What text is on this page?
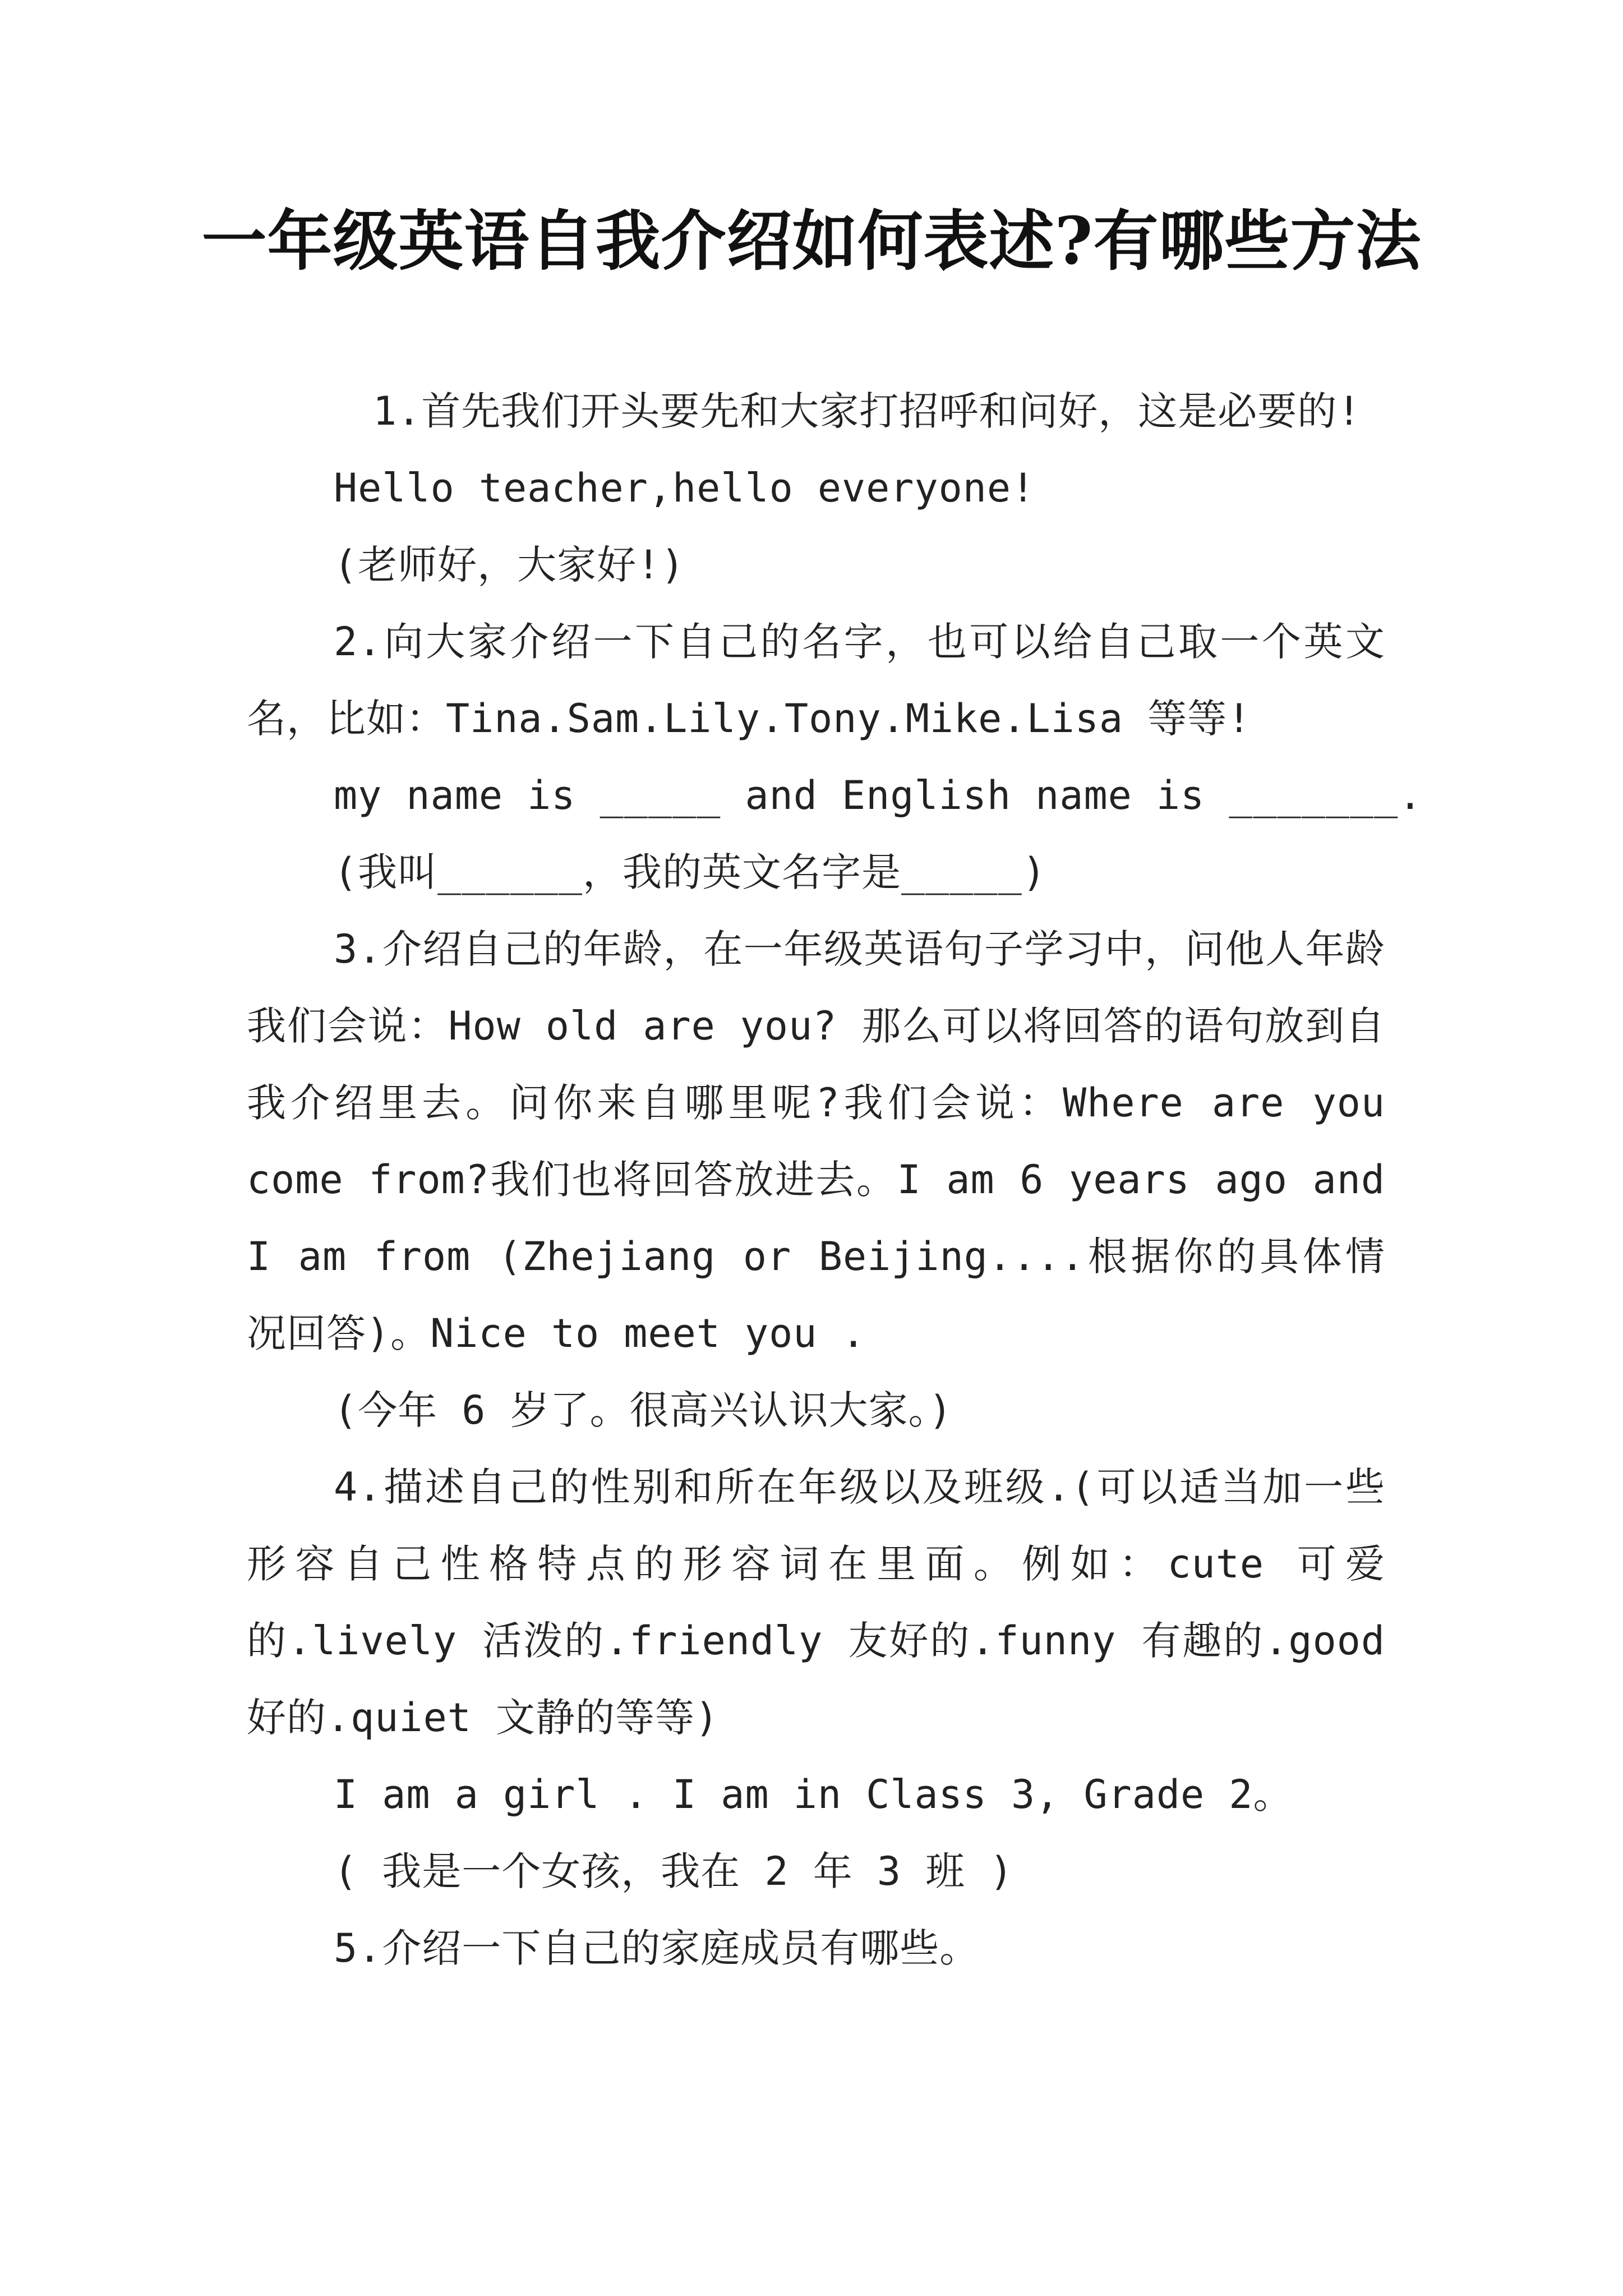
一年级英语自我介绍如何表述?有哪些方法

1.首先我们开头要先和大家打招呼和问好，这是必要的!

Hello teacher,hello everyone!

(老师好，大家好!)

2.向大家介绍一下自己的名字，也可以给自己取一个英文名，比如：Tina.Sam.Lily.Tony.Mike.Lisa 等等!

my name is _____ and English name is _______.

(我叫______，我的英文名字是_____)

3.介绍自己的年龄，在一年级英语句子学习中，问他人年龄我们会说：How old are you? 那么可以将回答的语句放到自我介绍里去。问你来自哪里呢?我们会说：Where are you come from?我们也将回答放进去。I am 6 years ago and I am from (Zhejiang or Beijing....根据你的具体情况回答)。Nice to meet you .

(今年 6 岁了。很高兴认识大家。)

4.描述自己的性别和所在年级以及班级.(可以适当加一些形容自己性格特点的形容词在里面。例如：cute 可爱的.lively 活泼的.friendly 友好的.funny 有趣的.good 好的.quiet 文静的等等)

I am a girl . I am in Class 3, Grade 2。

( 我是一个女孩，我在 2 年 3 班 )

5.介绍一下自己的家庭成员有哪些。
